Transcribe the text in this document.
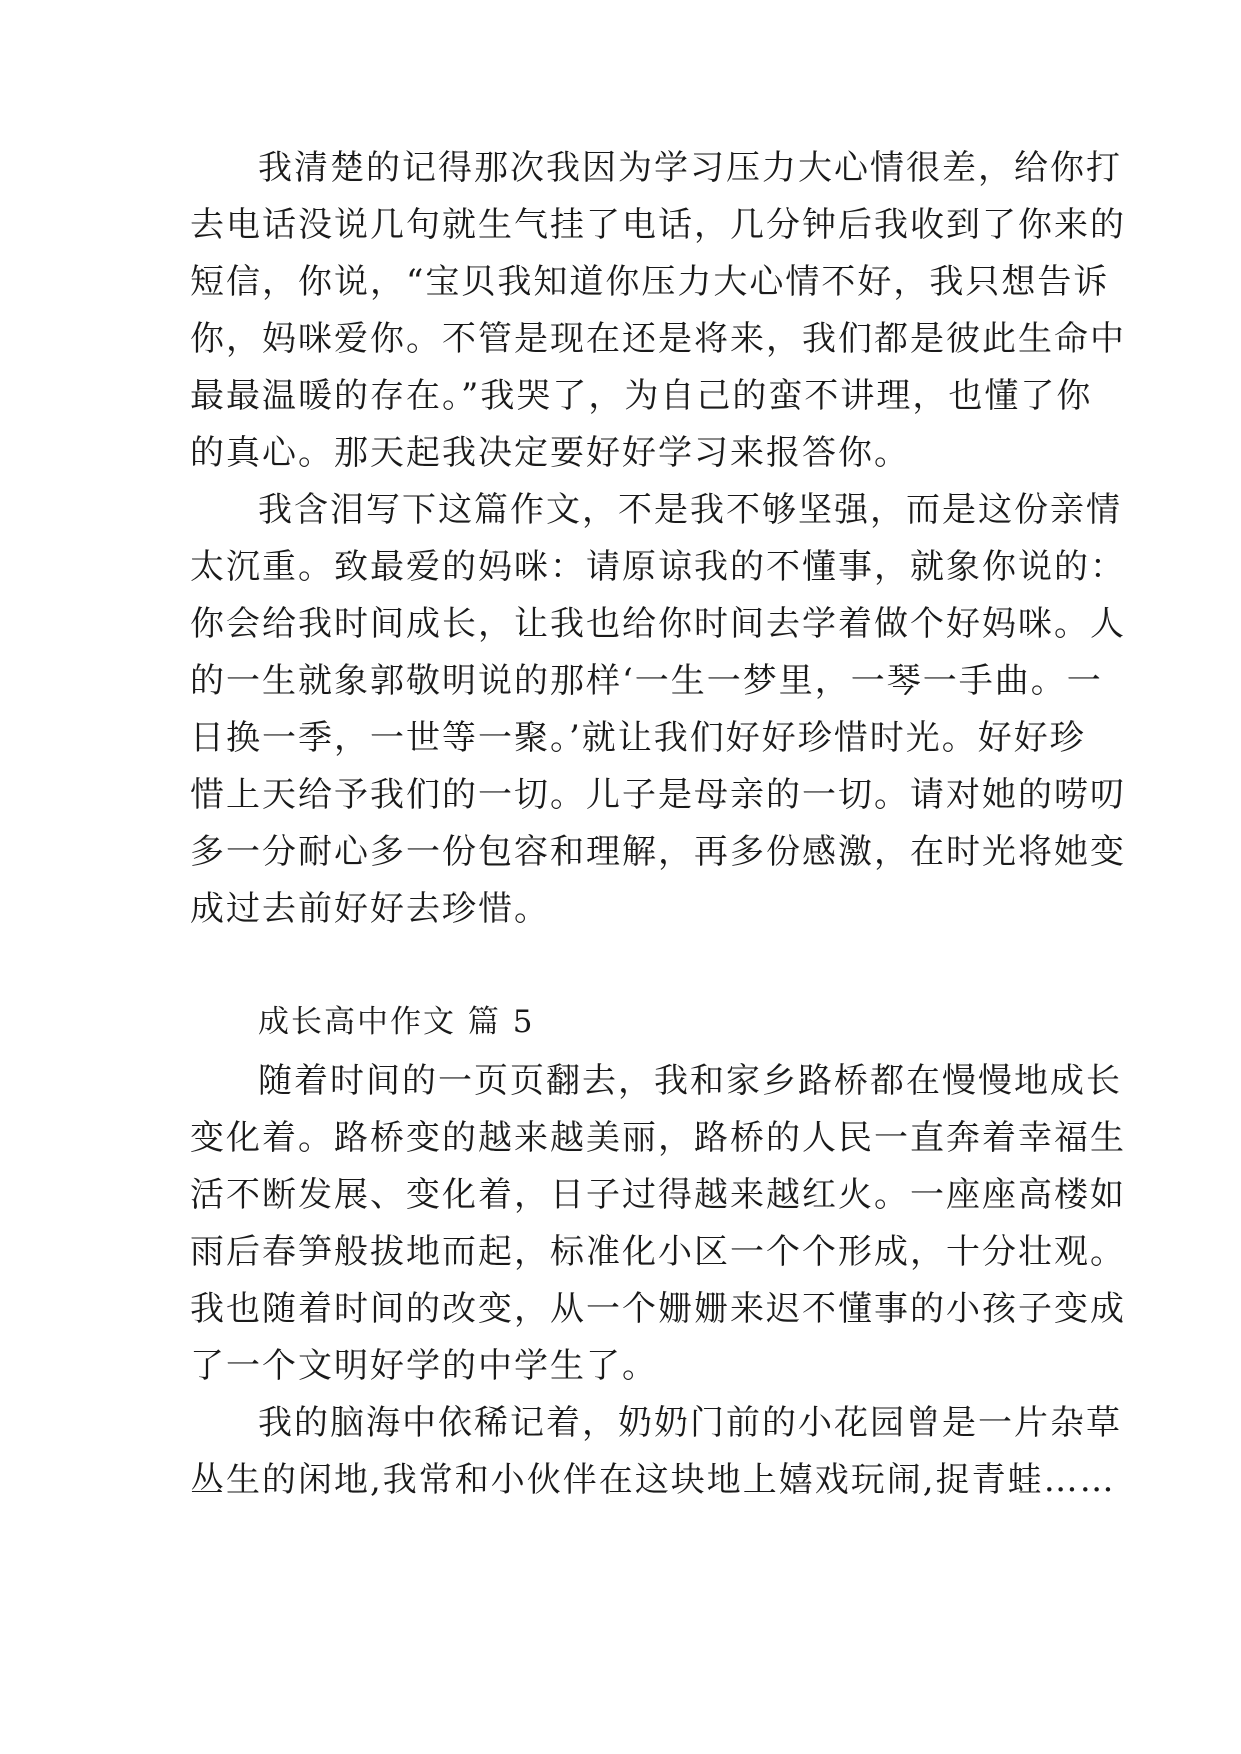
我清楚的记得那次我因为学习压力大心情很差，给你打
去电话没说几句就生气挂了电话，几分钟后我收到了你来的
短信，你说，“宝贝我知道你压力大心情不好，我只想告诉
你，妈咪爱你。不管是现在还是将来，我们都是彼此生命中
最最温暖的存在。”我哭了，为自己的蛮不讲理，也懂了你
的真心。那天起我决定要好好学习来报答你。
我含泪写下这篇作文，不是我不够坚强，而是这份亲情
太沉重。致最爱的妈咪：请原谅我的不懂事，就象你说的：
你会给我时间成长，让我也给你时间去学着做个好妈咪。人
的一生就象郭敬明说的那样‘一生一梦里，一琴一手曲。一
日换一季，一世等一聚。’就让我们好好珍惜时光。好好珍
惜上天给予我们的一切。儿子是母亲的一切。请对她的唠叨
多一分耐心多一份包容和理解，再多份感激，在时光将她变
成过去前好好去珍惜。
成长高中作文 篇 5
随着时间的一页页翻去，我和家乡路桥都在慢慢地成长
变化着。路桥变的越来越美丽，路桥的人民一直奔着幸福生
活不断发展、变化着，日子过得越来越红火。一座座高楼如
雨后春笋般拔地而起，标准化小区一个个形成，十分壮观。
我也随着时间的改变，从一个姗姗来迟不懂事的小孩子变成
了一个文明好学的中学生了。
我的脑海中依稀记着，奶奶门前的小花园曾是一片杂草
丛生的闲地,我常和小伙伴在这块地上嬉戏玩闹,捉青蛙……
